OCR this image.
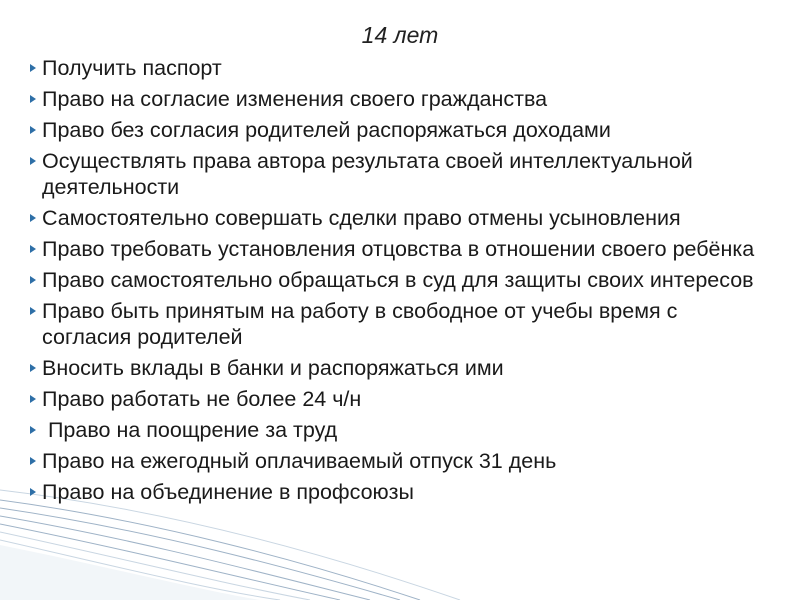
14 лет
Получить паспорт
Право на согласие изменения своего гражданства
Право без согласия родителей распоряжаться доходами
Осуществлять права автора результата своей интеллектуальной деятельности
Самостоятельно совершать сделки право отмены усыновления
Право требовать установления отцовства в отношении своего ребёнка
Право самостоятельно обращаться в суд для защиты своих интересов
Право быть принятым на работу в свободное от учебы время с согласия родителей
Вносить вклады в банки и распоряжаться ими
Право работать не более 24 ч/н
Право на поощрение за труд
Право на ежегодный оплачиваемый отпуск 31 день
Право на объединение в профсоюзы
